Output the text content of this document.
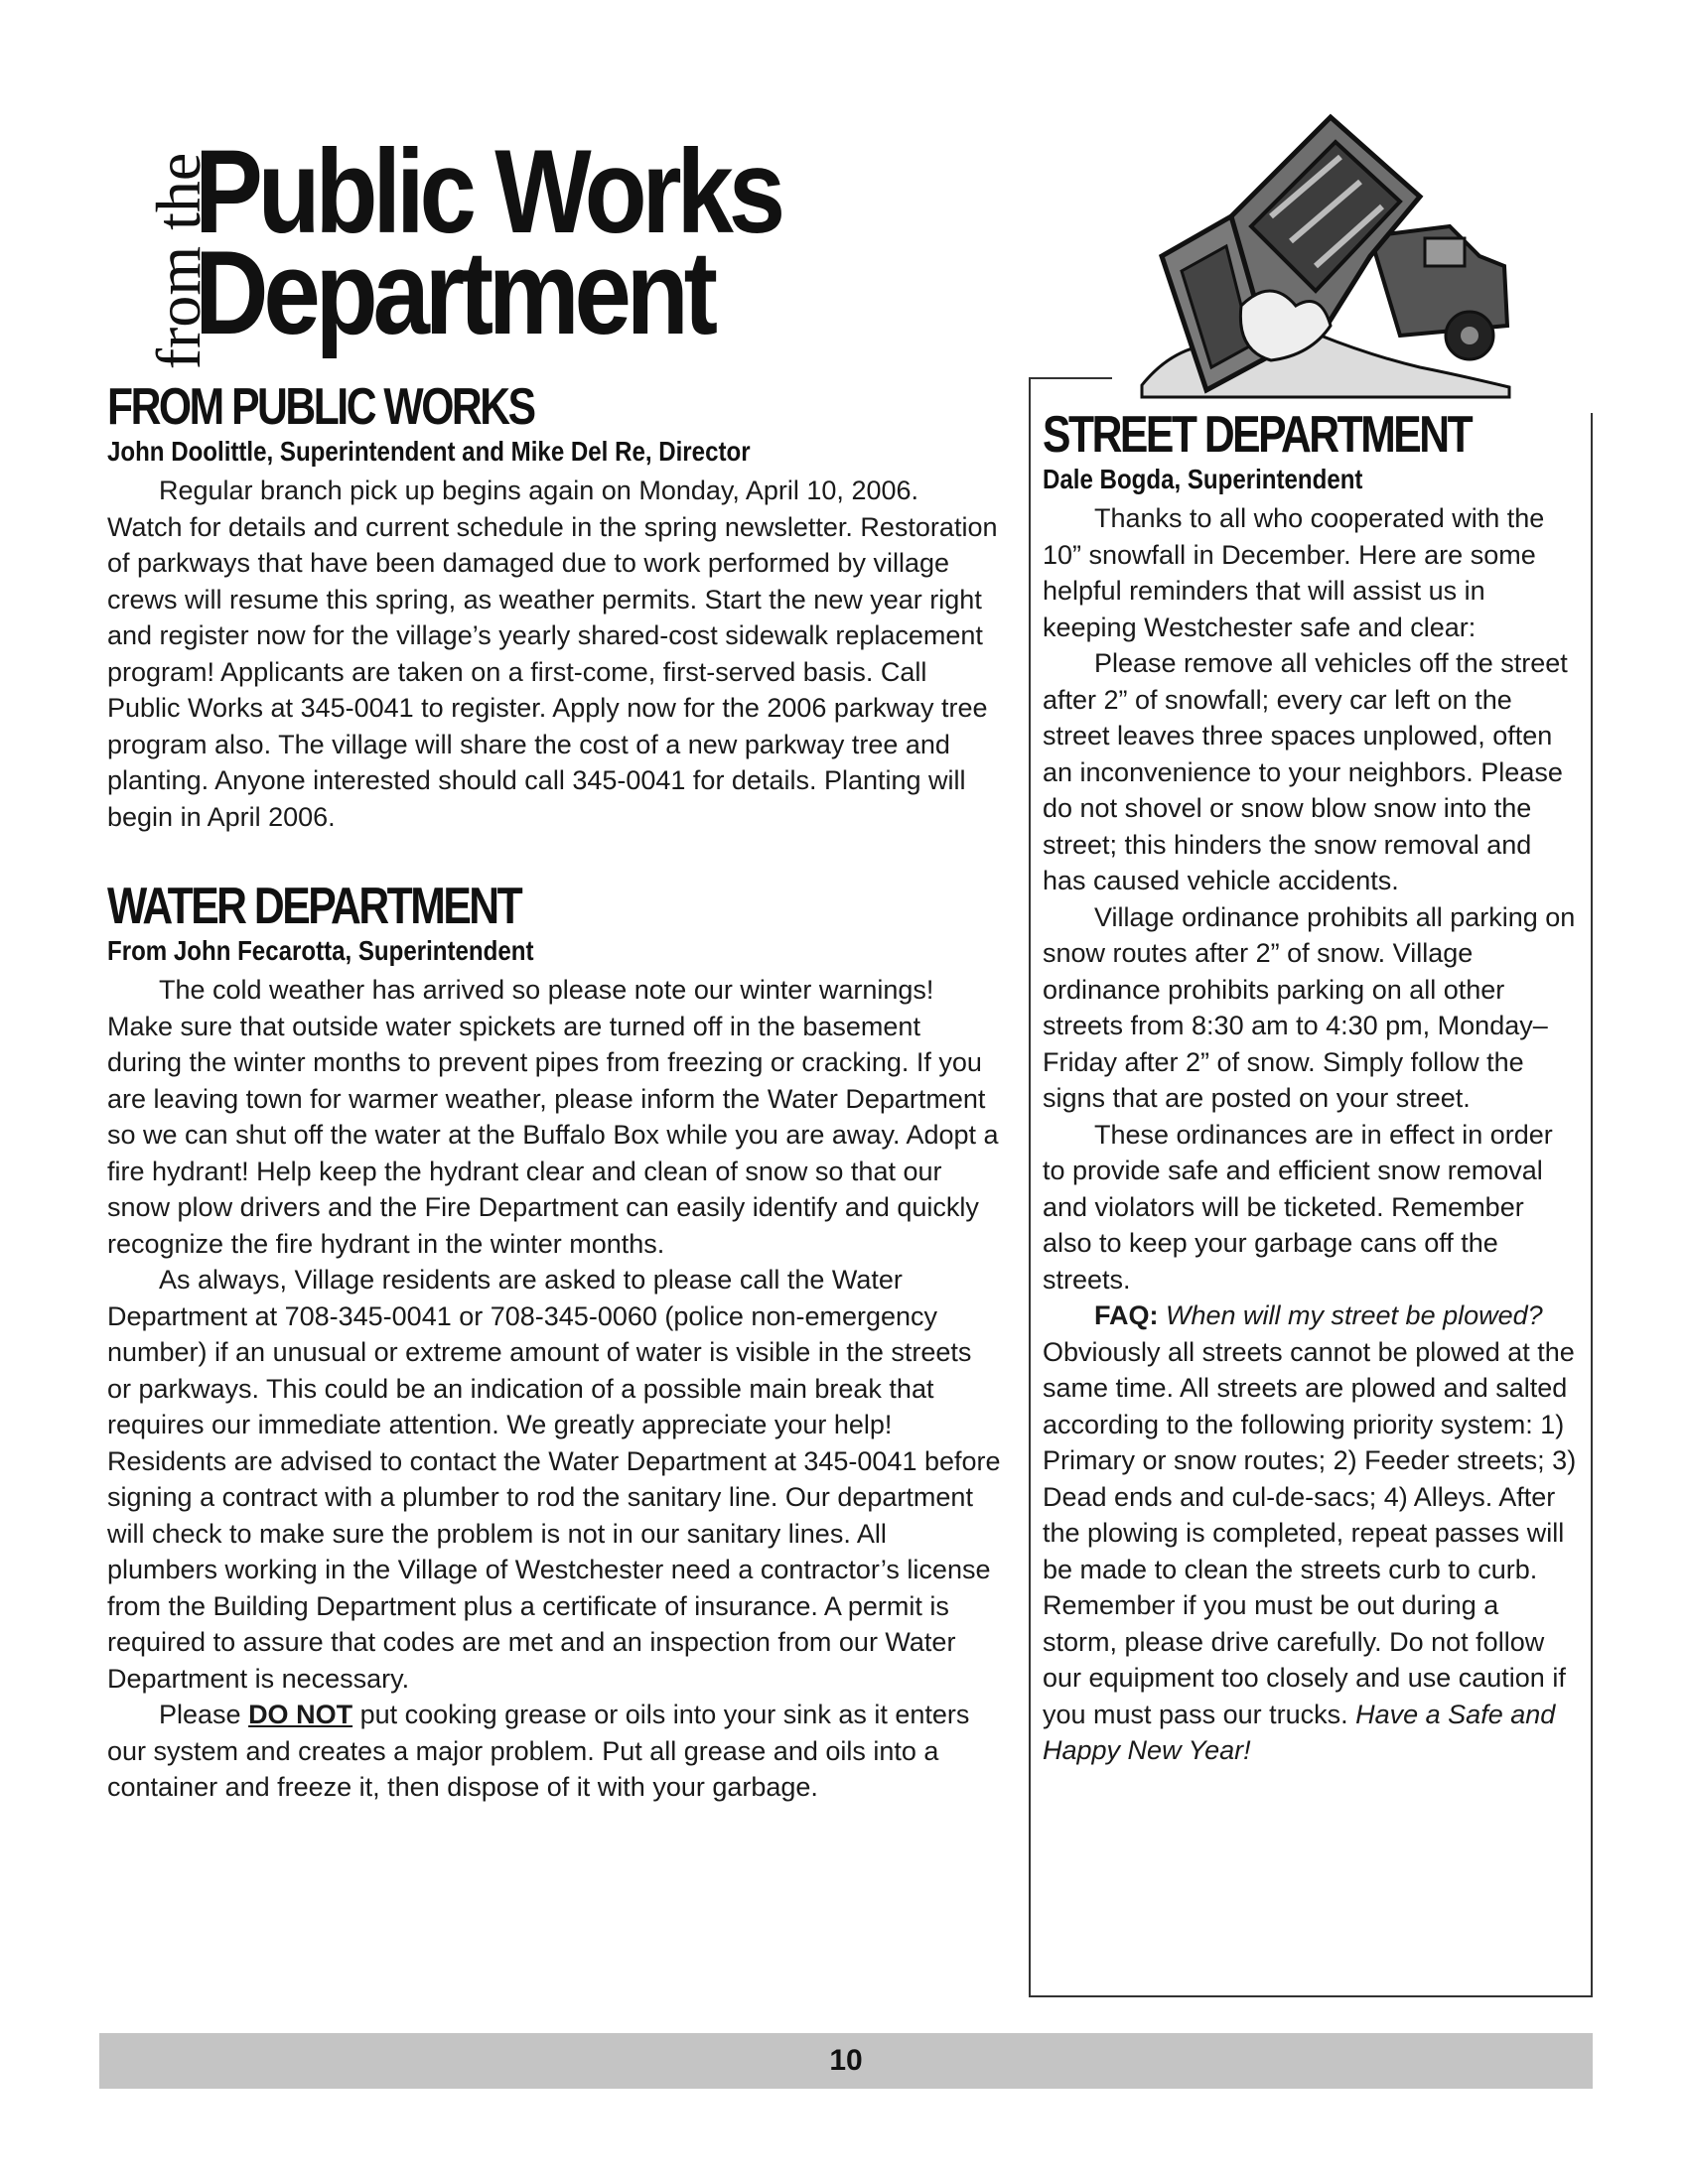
from the
Public Works
Department
FROM PUBLIC WORKS

John Doolittle, Superintendent and Mike Del Re, Director

Regular branch pick up begins again on Monday, April 10, 2006. Watch for details and current schedule in the spring newsletter. Restoration of parkways that have been damaged due to work performed by village crews will resume this spring, as weather permits. Start the new year right and register now for the village’s yearly shared-cost sidewalk replacement program! Applicants are taken on a first-come, first-served basis. Call Public Works at 345-0041 to register. Apply now for the 2006 parkway tree program also. The village will share the cost of a new parkway tree and planting. Anyone interested should call 345-0041 for details. Planting will begin in April 2006.

WATER DEPARTMENT

From John Fecarotta, Superintendent

The cold weather has arrived so please note our winter warnings! Make sure that outside water spickets are turned off in the basement during the winter months to prevent pipes from freezing or cracking. If you are leaving town for warmer weather, please inform the Water Department so we can shut off the water at the Buffalo Box while you are away. Adopt a fire hydrant! Help keep the hydrant clear and clean of snow so that our snow plow drivers and the Fire Department can easily identify and quickly recognize the fire hydrant in the winter months.

As always, Village residents are asked to please call the Water Department at 708-345-0041 or 708-345-0060 (police non-emergency number) if an unusual or extreme amount of water is visible in the streets or parkways. This could be an indication of a possible main break that requires our immediate attention. We greatly appreciate your help! Residents are advised to contact the Water Department at 345-0041 before signing a contract with a plumber to rod the sanitary line. Our department will check to make sure the problem is not in our sanitary lines. All plumbers working in the Village of Westchester need a contractor’s license from the Building Department plus a certificate of insurance. A permit is required to assure that codes are met and an inspection from our Water Department is necessary.

Please DO NOT put cooking grease or oils into your sink as it enters our system and creates a major problem. Put all grease and oils into a container and freeze it, then dispose of it with your garbage.

STREET DEPARTMENT

Dale Bogda, Superintendent

Thanks to all who cooperated with the 10” snowfall in December. Here are some helpful reminders that will assist us in keeping Westchester safe and clear:

Please remove all vehicles off the street after 2” of snowfall; every car left on the street leaves three spaces unplowed, often an inconvenience to your neighbors. Please do not shovel or snow blow snow into the street; this hinders the snow removal and has caused vehicle accidents.

Village ordinance prohibits all parking on snow routes after 2” of snow. Village ordinance prohibits parking on all other streets from 8:30 am to 4:30 pm, Monday–Friday after 2” of snow. Simply follow the signs that are posted on your street.

These ordinances are in effect in order to provide safe and efficient snow removal and violators will be ticketed. Remember also to keep your garbage cans off the streets.

FAQ: When will my street be plowed? Obviously all streets cannot be plowed at the same time. All streets are plowed and salted according to the following priority system: 1) Primary or snow routes; 2) Feeder streets; 3) Dead ends and cul-de-sacs; 4) Alleys. After the plowing is completed, repeat passes will be made to clean the streets curb to curb. Remember if you must be out during a storm, please drive carefully. Do not follow our equipment too closely and use caution if you must pass our trucks. Have a Safe and Happy New Year!

10
